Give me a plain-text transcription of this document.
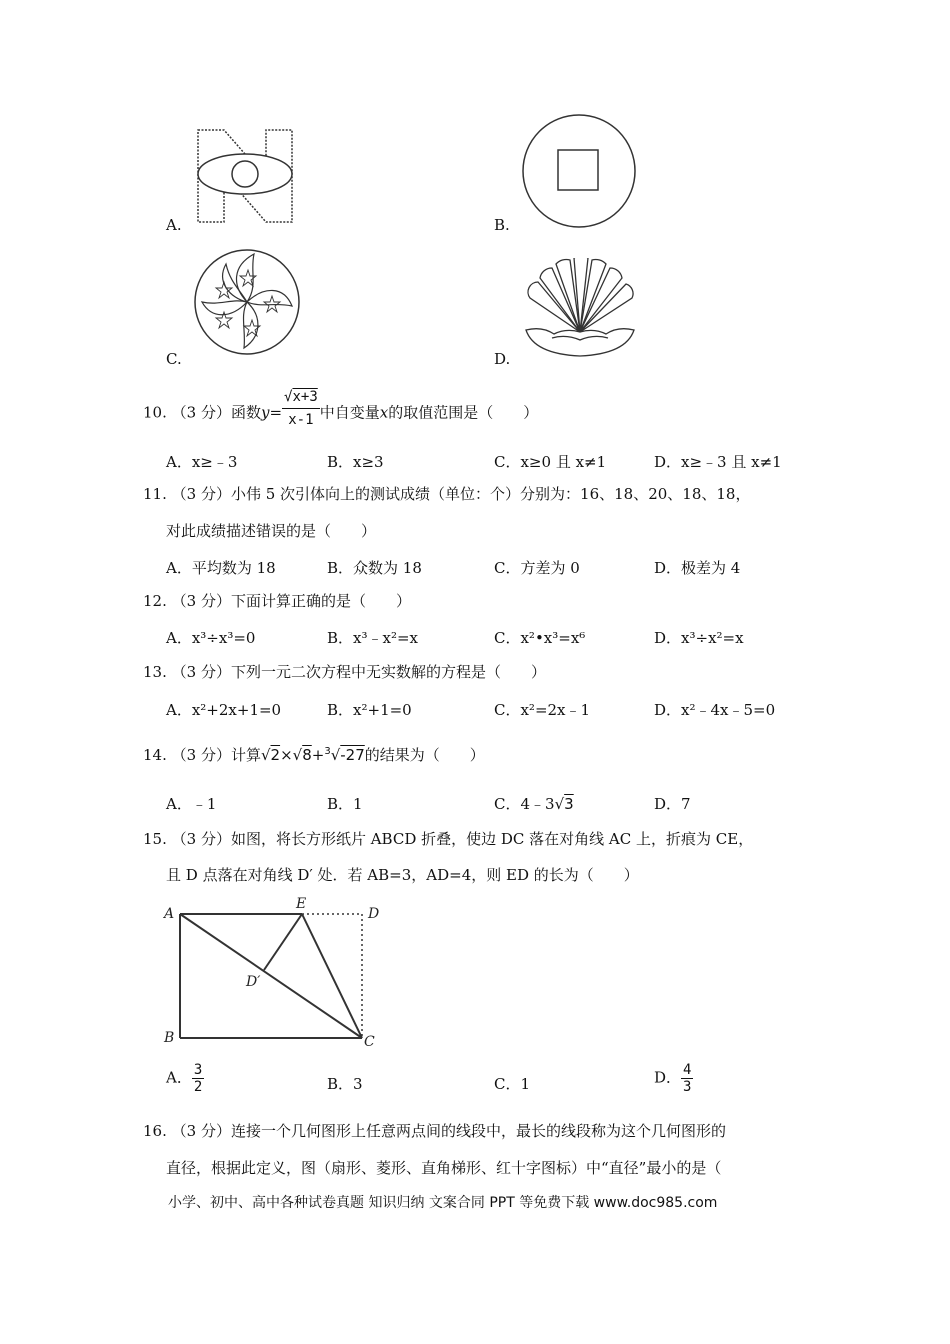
A.	B.
C.	D.
10. （3 分）函数$y= \frac{√x+3}{x-1}$ 中自变量x的取值范围是（　　）
A．x≥﹣3	B．x≥3	C．x≥0 且 x≠1	D．x≥﹣3 且 x≠1
11. （3 分）小伟 5 次引体向上的测试成绩（单位：个）分别为：16、18、20、18、18，
对此成绩描述错误的是（　　）
A．平均数为 18	B．众数为 18	C．方差为 0	D．极差为 4
12. （3 分）下面计算正确的是（　　）
A．x³÷x³=0	B．x³﹣x²=x	C．x²•x³=x⁶	D．x³÷x²=x
13. （3 分）下列一元二次方程中无实数解的方程是（　　）
A．x²+2x+1=0	B．x²+1=0	C．x²=2x﹣1	D．x²﹣4x﹣5=0
14. （3 分）计算√2×√8+$^3$√-27的结果为（　　）
A．﹣1	B．1	C．4﹣3√3	D．7
15. （3 分）如图，将长方形纸片 ABCD 折叠，使边 DC 落在对角线 AC 上，折痕为 CE，
且 D 点落在对角线 D′ 处．若 AB=3，AD=4，则 ED 的长为（　　）
A
E
D
D′
B	C
A． $\frac{3}{2}$	B．3	C．1	D． $\frac{4}{3}$
16. （3 分）连接一个几何图形上任意两点间的线段中，最长的线段称为这个几何图形的
直径，根据此定义，图（扇形、菱形、直角梯形、红十字图标）中“直径”最小的是（
小学、初中、高中各种试卷真题 知识归纳 文案合同 PPT 等免费下载 www.doc985.com
